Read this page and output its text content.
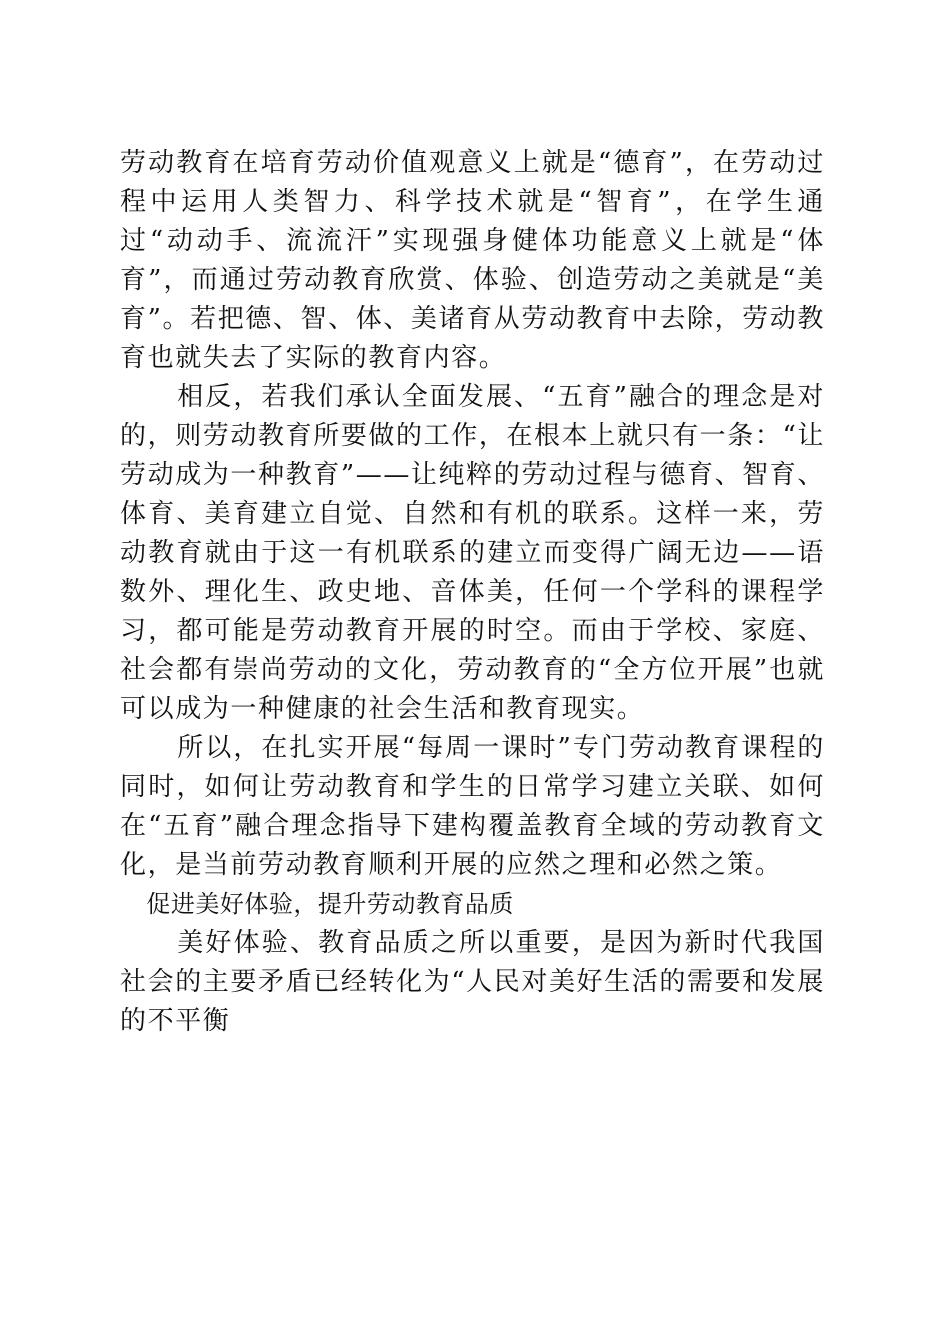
劳动教育在培育劳动价值观意义上就是“德育”，在劳动过程中运用人类智力、科学技术就是“智育”，在学生通过“动动手、流流汗”实现强身健体功能意义上就是“体育”，而通过劳动教育欣赏、体验、创造劳动之美就是“美育”。若把德、智、体、美诸育从劳动教育中去除，劳动教育也就失去了实际的教育内容。

相反，若我们承认全面发展、“五育”融合的理念是对的，则劳动教育所要做的工作，在根本上就只有一条：“让劳动成为一种教育”——让纯粹的劳动过程与德育、智育、体育、美育建立自觉、自然和有机的联系。这样一来，劳动教育就由于这一有机联系的建立而变得广阔无边——语数外、理化生、政史地、音体美，任何一个学科的课程学习，都可能是劳动教育开展的时空。而由于学校、家庭、社会都有崇尚劳动的文化，劳动教育的“全方位开展”也就可以成为一种健康的社会生活和教育现实。

所以，在扎实开展“每周一课时”专门劳动教育课程的同时，如何让劳动教育和学生的日常学习建立关联、如何在“五育”融合理念指导下建构覆盖教育全域的劳动教育文化，是当前劳动教育顺利开展的应然之理和必然之策。

促进美好体验，提升劳动教育品质

美好体验、教育品质之所以重要，是因为新时代我国社会的主要矛盾已经转化为“人民对美好生活的需要和发展的不平衡
